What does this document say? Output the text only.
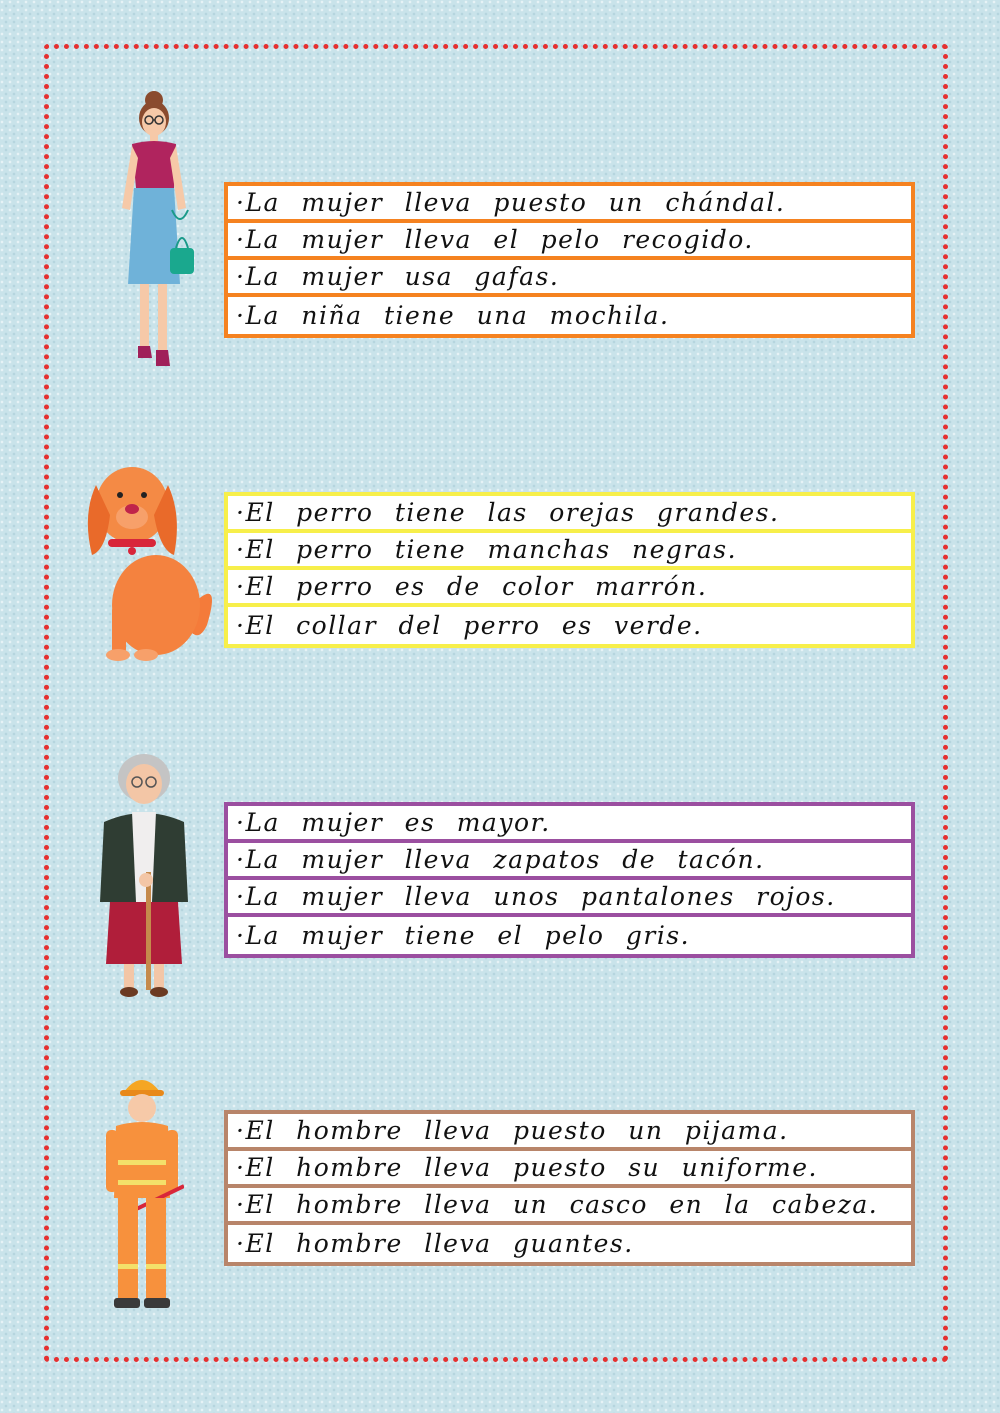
·La mujer lleva puesto un chándal.
·La mujer lleva el pelo recogido.
·La mujer usa gafas.
·La niña tiene una mochila.
·El perro tiene las orejas grandes.
·El perro tiene manchas negras.
·El perro es de color marrón.
·El collar del perro es verde.
·La mujer es mayor.
·La mujer lleva zapatos de tacón.
·La mujer lleva unos pantalones rojos.
·La mujer tiene el pelo gris.
·El hombre lleva puesto un pijama.
·El hombre lleva puesto su uniforme.
·El hombre lleva un casco en la cabeza.
·El hombre lleva guantes.
